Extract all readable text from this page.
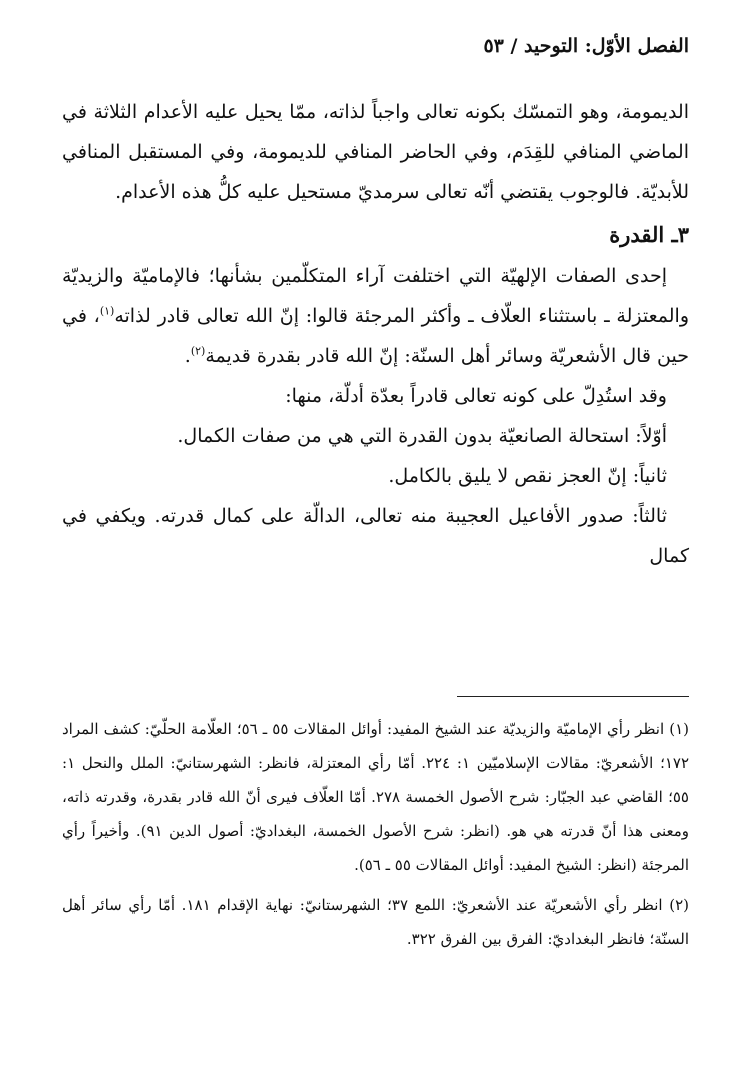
الفصل الأوّل: التوحيد / ٥٣

الديمومة، وهو التمسّك بكونه تعالى واجباً لذاته، ممّا يحيل عليه الأعدام الثلاثة في الماضي المنافي للقِدَم، وفي الحاضر المنافي للديمومة، وفي المستقبل المنافي للأبديّة. فالوجوب يقتضي أنّه تعالى سرمديّ مستحيل عليه كلُّ هذه الأعدام.

٣ـ القدرة

إحدى الصفات الإلهيّة التي اختلفت آراء المتكلّمين بشأنها؛ فالإماميّة والزيديّة والمعتزلة ـ باستثناء العلّاف ـ وأكثر المرجئة قالوا: إنّ الله تعالى قادر لذاته$^{(١)}$، في حين قال الأشعريّة وسائر أهل السنّة: إنّ الله قادر بقدرة قديمة$^{(٢)}$.

وقد استُدِلّ على كونه تعالى قادراً بعدّة أدلّة، منها:

أوّلاً: استحالة الصانعيّة بدون القدرة التي هي من صفات الكمال.

ثانياً: إنّ العجز نقص لا يليق بالكامل.

ثالثاً: صدور الأفاعيل العجيبة منه تعالى، الدالّة على كمال قدرته. ويكفي في كمال

(١) انظر رأي الإماميّة والزيديّة عند الشيخ المفيد: أوائل المقالات ٥٥ ـ ٥٦؛ العلّامة الحلّيّ: كشف المراد ١٧٢؛ الأشعريّ: مقالات الإسلاميّين ١: ٢٢٤. أمّا رأي المعتزلة، فانظر: الشهرستانيّ: الملل والنحل ١: ٥٥؛ القاضي عبد الجبّار: شرح الأصول الخمسة ٢٧٨. أمّا العلّاف فيرى أنّ الله قادر بقدرة، وقدرته ذاته، ومعنى هذا أنّ قدرته هي هو. (انظر: شرح الأصول الخمسة، البغداديّ: أصول الدين ٩١). وأخيراً رأي المرجئة (انظر: الشيخ المفيد: أوائل المقالات ٥٥ ـ ٥٦).

(٢) انظر رأي الأشعريّة عند الأشعريّ: اللمع ٣٧؛ الشهرستانيّ: نهاية الإقدام ١٨١. أمّا رأي سائر أهل السنّة؛ فانظر البغداديّ: الفرق بين الفرق ٣٢٢.
